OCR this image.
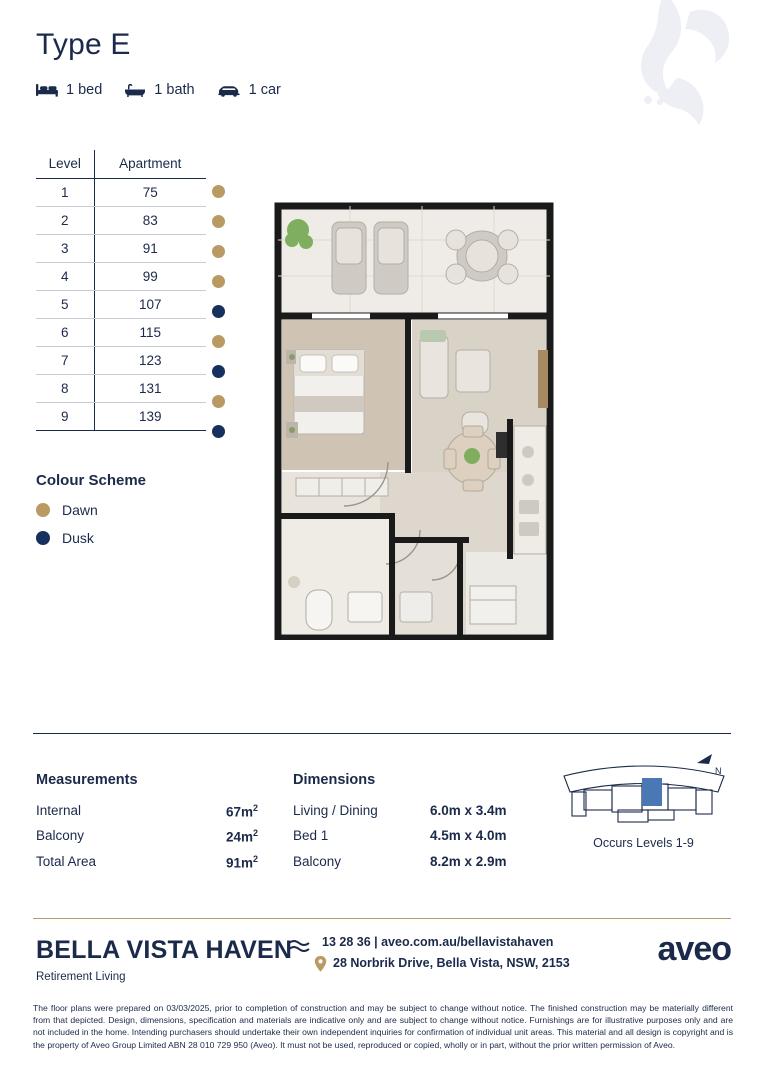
Type E
1 bed	1 bath	1 car
Level	Apartment
1	75
2	83
3	91
4	99
5	107
6	115
7	123
8	131
9	139
Colour Scheme
Dawn
Dusk
Measurements
Internal	$67m^2$
Balcony	$24m^2$
Total Area	$91m^2$
Dimensions
Living / Dining	6.0m x 3.4m
Bed 1	4.5m x 4.0m
Balcony	8.2m x 2.9m
N
Occurs Levels 1-9
BELLA VISTA HAVEN
Retirement Living
13 28 36 | aveo.com.au/bellavistahaven
28 Norbrik Drive, Bella Vista, NSW, 2153	aveo
The floor plans were prepared on 03/03/2025, prior to completion of construction and may be subject to change without notice. The finished construction may be materially different from that depicted. Design, dimensions, specification and materials are indicative only and are subject to change without notice. Furnishings are for illustrative purposes only and are not included in the home. Intending purchasers should undertake their own independent inquiries for confirmation of individual unit areas. This material and all design is copyright and is the property of Aveo Group Limited ABN 28 010 729 950 (Aveo). It must not be used, reproduced or copied, wholly or in part, without the prior written permission of Aveo.
